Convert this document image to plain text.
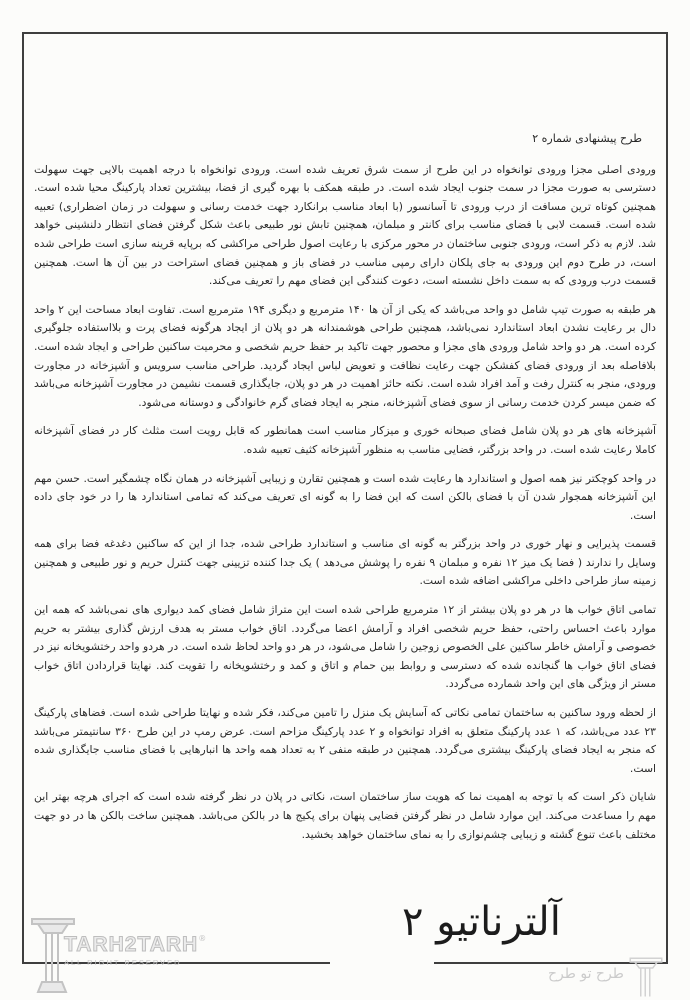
طرح پیشنهادی شماره ۲

ورودی اصلی مجزا ورودی توانخواه در این طرح از سمت شرق تعریف شده است. ورودی توانخواه با درجه اهمیت بالایی جهت سهولت دسترسی به صورت مجزا در سمت جنوب ایجاد شده است. در طبقه همکف با بهره گیری از فضا، بیشترین تعداد پارکینگ محیا شده است. همچنین کوتاه ترین مسافت از درب ورودی تا آسانسور (با ابعاد مناسب برانکارد جهت خدمت رسانی و سهولت در زمان اضطراری) تعبیه شده است. قسمت لابی با فضای مناسب برای کانتر و مبلمان، همچنین تابش نور طبیعی باعث شکل گرفتن فضای انتظار دلنشینی خواهد شد. لازم به ذکر است، ورودی جنوبی ساختمان در محور مرکزی با رعایت اصول طراحی مراکشی که برپایه قرینه سازی است طراحی شده است، در طرح دوم این ورودی به جای پلکان دارای رمپی مناسب در فضای باز و همچنین فضای استراحت در بین آن ها است. همچنین قسمت درب ورودی که به سمت داخل نشسته است، دعوت کنندگی این فضای مهم را تعریف می‌کند.

هر طبقه به صورت تیپ شامل دو واحد می‌باشد که یکی از آن ها ۱۴۰ مترمربع و دیگری ۱۹۴ مترمربع است. تفاوت ابعاد مساحت این ۲ واحد دال بر رعایت نشدن ابعاد استاندارد نمی‌باشد، همچنین طراحی هوشمندانه هر دو پلان از ایجاد هرگونه فضای پرت و بلااستفاده جلوگیری کرده است. هر دو واحد شامل ورودی های مجزا و محصور جهت تاکید بر حفظ حریم شخصی و محرمیت ساکنین طراحی و ایجاد شده است. بلافاصله بعد از ورودی فضای کفشکن جهت رعایت نظافت و تعویض لباس ایجاد گردید. طراحی مناسب سرویس و آشپزخانه در مجاورت ورودی، منجر به کنترل رفت و آمد افراد شده است. نکته حائز اهمیت در هر دو پلان، جایگذاری قسمت نشیمن در مجاورت آشپزخانه می‌باشد که ضمن میسر کردن خدمت رسانی از سوی فضای آشپزخانه، منجر به ایجاد فضای گرم خانوادگی و دوستانه می‌شود.

آشپزخانه های هر دو پلان شامل فضای صبحانه خوری و میزکار مناسب است همانطور که قابل رویت است مثلث کار در فضای آشپزخانه کاملا رعایت شده است. در واحد بزرگتر، فضایی مناسب به منظور آشپزخانه کثیف تعبیه شده.

در واحد کوچکتر نیز همه اصول و استاندارد ها رعایت شده است و همچنین تقارن و زیبایی آشپزخانه در همان نگاه چشمگیر است. حسن مهم این آشپزخانه همجوار شدن آن با فضای بالکن است که این فضا را به گونه ای تعریف می‌کند که تمامی استاندارد ها را در خود جای داده است.

قسمت پذیرایی و نهار خوری در واحد بزرگتر به گونه ای مناسب و استاندارد طراحی شده، جدا از این که ساکنین دغدغه فضا برای همه وسایل را ندارند ( فضا یک میز ۱۲ نفره و مبلمان ۹ نفره را پوشش می‌دهد ) یک جدا کننده تزیینی جهت کنترل حریم و نور طبیعی و همچنین زمینه ساز طراحی داخلی مراکشی اضافه شده است.

تمامی اتاق خواب ها در هر دو پلان بیشتر از ۱۲ مترمربع طراحی شده است این متراژ شامل فضای کمد دیواری های نمی‌باشد که همه این موارد باعث احساس راحتی، حفظ حریم شخصی افراد و آرامش اعضا می‌گردد. اتاق خواب مستر به هدف ارزش گذاری بیشتر به حریم خصوصی و آرامش خاطر ساکنین علی الخصوص زوجین را شامل می‌شود، در هر دو واحد لحاظ شده است. در هردو واحد رختشویخانه نیز در فضای اتاق خواب ها گنجانده شده که دسترسی و روابط بین حمام و اتاق و کمد و رختشویخانه را تقویت کند. نهایتا قراردادن اتاق خواب مستر از ویژگی های این واحد شمارده می‌گردد.

از لحظه ورود ساکنین به ساختمان تمامی نکاتی که آسایش یک منزل را تامین می‌کند، فکر شده و نهایتا طراحی شده است. فضاهای پارکینگ ۲۳ عدد می‌باشد، که ۱ عدد پارکینگ متعلق به افراد توانخواه و ۲ عدد پارکینگ مزاحم است. عرض رمپ در این طرح ۳۶۰ سانتیمتر می‌باشد که منجر به ایجاد فضای پارکینگ بیشتری می‌گردد. همچنین در طبقه منفی ۲ به تعداد همه واحد ها انبارهایی با فضای مناسب جایگذاری شده است.

شایان ذکر است که با توجه به اهمیت نما که هویت ساز ساختمان است، نکاتی در پلان در نظر گرفته شده است که اجرای هرچه بهتر این مهم را مساعدت می‌کند. این موارد شامل در نظر گرفتن فضایی پنهان برای پکیج ها در بالکن می‌باشد. همچنین ساخت بالکن ها در دو جهت مختلف باعث تنوع گشته و زیبایی چشم‌نوازی را به نمای ساختمان خواهد بخشید.

آلترناتیو ۲
TARH2TARH®
ALL RIGHT RESERVED
طرح تو طرح
